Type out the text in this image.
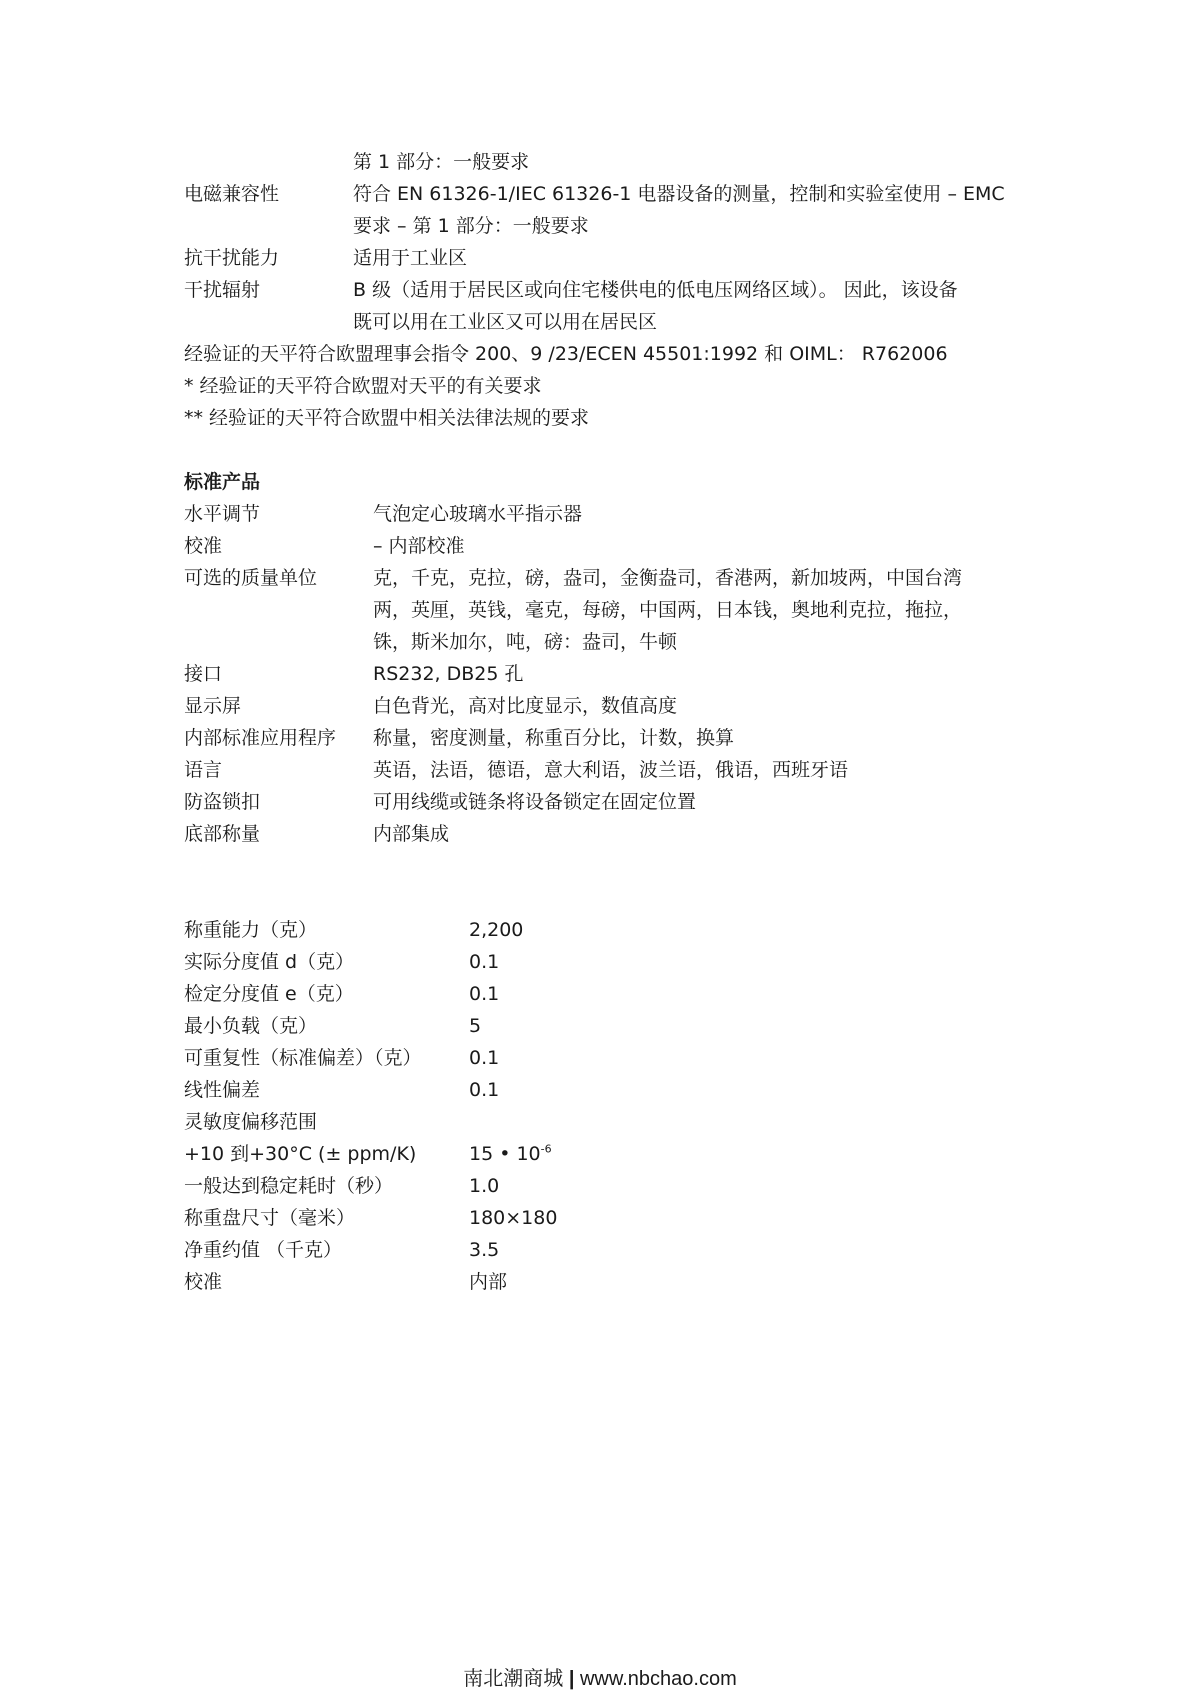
第 1 部分：一般要求
电磁兼容性	符合 EN 61326-1/IEC 61326-1 电器设备的测量，控制和实验室使用 – EMC
要求 – 第 1 部分：一般要求
抗干扰能力	适用于工业区
干扰辐射	B 级（适用于居民区或向住宅楼供电的低电压网络区域）。 因此，该设备
既可以用在工业区又可以用在居民区
经验证的天平符合欧盟理事会指令 200、9 /23/ECEN 45501:1992 和 OIML： R762006
* 经验证的天平符合欧盟对天平的有关要求
** 经验证的天平符合欧盟中相关法律法规的要求
标准产品
水平调节	气泡定心玻璃水平指示器
校准	– 内部校准
可选的质量单位	克，千克，克拉，磅，盎司，金衡盎司，香港两，新加坡两，中国台湾
两，英厘，英钱，毫克，每磅，中国两，日本钱，奥地利克拉，拖拉，
铢，斯米加尔，吨，磅：盎司，牛顿
接口	RS232, DB25 孔
显示屏	白色背光，高对比度显示，数值高度
内部标准应用程序 称量，密度测量，称重百分比，计数，换算
语言	英语，法语，德语，意大利语，波兰语，俄语，西班牙语
防盗锁扣	可用线缆或链条将设备锁定在固定位置
底部称量	内部集成
称重能力（克）	2,200
实际分度值 d（克）	0.1
检定分度值 e（克）	0.1
最小负载（克）	5
可重复性（标准偏差）（克） 0.1
线性偏差	0.1
灵敏度偏移范围
+10 到+30°C (± ppm/K)	15 • $10^{-6}$
一般达到稳定耗时（秒）	1.0
称重盘尺寸（毫米）	180×180
净重约值 （千克）	3.5
校准	内部
南北潮商城 | www.nbchao.com
